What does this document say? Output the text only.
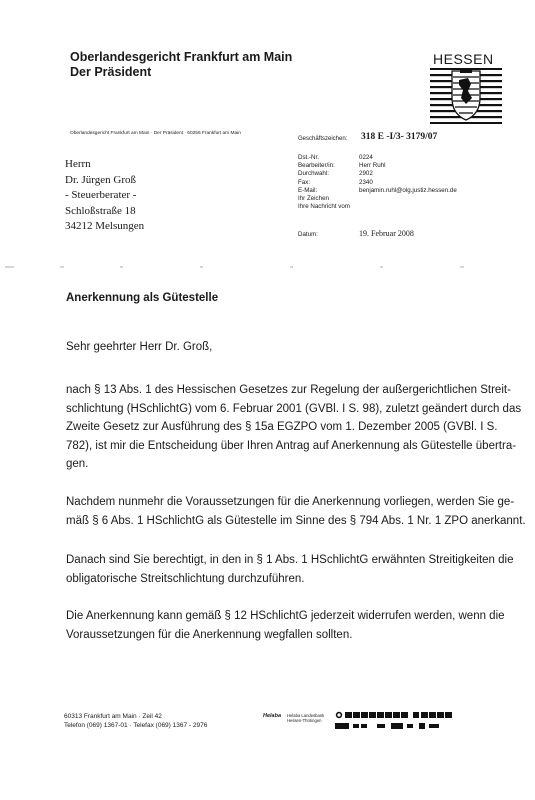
Oberlandesgericht Frankfurt am Main
Der Präsident
HESSEN
Oberlandesgericht Frankfurt am Main · Der Präsident · 60256 Frankfurt am Main
Geschäftszeichen: 318 E -I/3- 3179/07
Herrn
Dr. Jürgen Groß
- Steuerberater -
Schloßstraße 18
34212 Melsungen
Dst.-Nr.	0224
Bearbeiter/in:	Herr Ruhl
Durchwahl:	2902
Fax:	2340
E-Mail:	benjamin.ruhl@olg.justiz.hessen.de
Ihr Zeichen
Ihre Nachricht vom
Datum:	19. Februar 2008
Anerkennung als Gütestelle
Sehr geehrter Herr Dr. Groß,
nach § 13 Abs. 1 des Hessischen Gesetzes zur Regelung der außergerichtlichen Streit-
schlichtung (HSchlichtG) vom 6. Februar 2001 (GVBl. I S. 98), zuletzt geändert durch das
Zweite Gesetz zur Ausführung des § 15a EGZPO vom 1. Dezember 2005 (GVBl. I S.
782), ist mir die Entscheidung über Ihren Antrag auf Anerkennung als Gütestelle übertra-
gen.
Nachdem nunmehr die Voraussetzungen für die Anerkennung vorliegen, werden Sie ge-
mäß § 6 Abs. 1 HSchlichtG als Gütestelle im Sinne des § 794 Abs. 1 Nr. 1 ZPO anerkannt.
Danach sind Sie berechtigt, in den in § 1 Abs. 1 HSchlichtG erwähnten Streitigkeiten die
obligatorische Streitschlichtung durchzuführen.
Die Anerkennung kann gemäß § 12 HSchlichtG jederzeit widerrufen werden, wenn die
Voraussetzungen für die Anerkennung wegfallen sollten.
60313 Frankfurt am Main · Zeil 42
Telefon (069) 1367-01 · Telefax (069) 1367 - 2976
Helaba Helaba Landesbank
Hessen-Thüringen
